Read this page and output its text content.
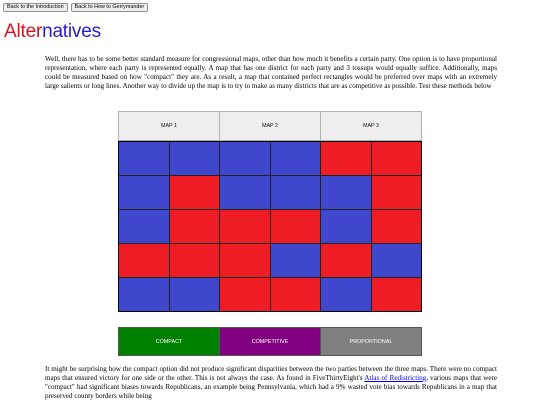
Back to the Introduction	Back to How to Gerrymander
Alternatives

Well, there has to be some better standard measure for congressional maps, other than how much it benefits a certain party. One option is to have proportional representation, where each party is represented equally. A map that has one district for each party and 3 tossups would equally suffice. Additionally, maps could be measured based on how "compact" they are. As a result, a map that contained perfect rectangles would be preferred over maps with an extremely large salients or long lines. Another way to divide up the map is to try to make as many districts that are as competitive as possible. Test these methods below

MAP 1	MAP 2	MAP 3
COMPACT	COMPETITIVE	PROPORTIONAL

It might be surprising how the compact option did not produce significant disparities between the two parties between the three maps. There were no compact maps that ensured victory for one side or the other. This is not always the case. As found in FiveThirtyEight's Atlas of Redistricting, various maps that were "compact" had significant biases towards Republicans, an example being Pennsylvania, which had a 9% wasted vote bias towards Republicans in a map that preserved county borders while being
